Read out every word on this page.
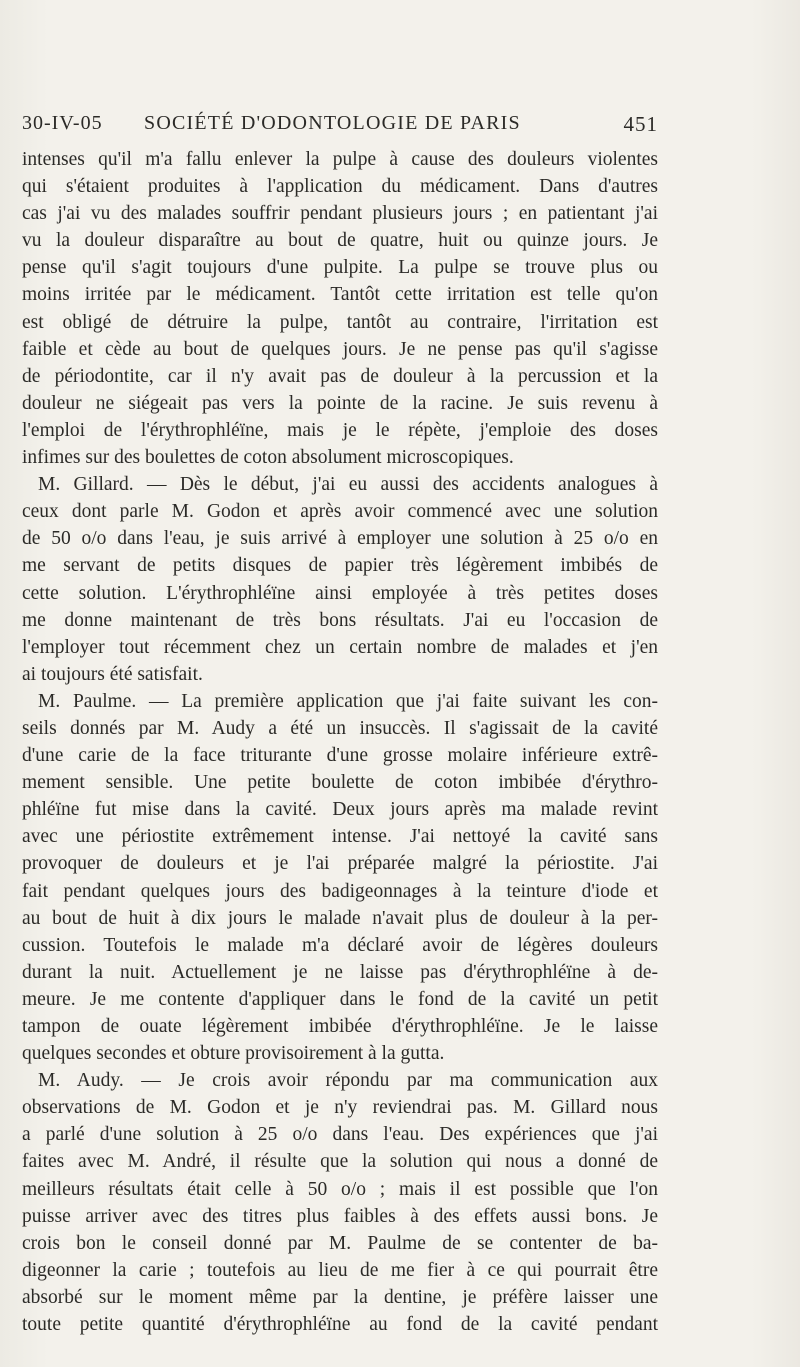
30-IV-05 SOCIÉTÉ D'ODONTOLOGIE DE PARIS	451
intenses qu'il m'a fallu enlever la pulpe à cause des douleurs violentes
qui s'étaient produites à l'application du médicament. Dans d'autres
cas j'ai vu des malades souffrir pendant plusieurs jours ; en patientant j'ai
vu la douleur disparaître au bout de quatre, huit ou quinze jours. Je
pense qu'il s'agit toujours d'une pulpite. La pulpe se trouve plus ou
moins irritée par le médicament. Tantôt cette irritation est telle qu'on
est obligé de détruire la pulpe, tantôt au contraire, l'irritation est
faible et cède au bout de quelques jours. Je ne pense pas qu'il s'agisse
de périodontite, car il n'y avait pas de douleur à la percussion et la
douleur ne siégeait pas vers la pointe de la racine. Je suis revenu à
l'emploi de l'érythrophléïne, mais je le répète, j'emploie des doses
infimes sur des boulettes de coton absolument microscopiques.
M. Gillard. — Dès le début, j'ai eu aussi des accidents analogues à
ceux dont parle M. Godon et après avoir commencé avec une solution
de 50 o/o dans l'eau, je suis arrivé à employer une solution à 25 o/o en
me servant de petits disques de papier très légèrement imbibés de
cette solution. L'érythrophléïne ainsi employée à très petites doses
me donne maintenant de très bons résultats. J'ai eu l'occasion de
l'employer tout récemment chez un certain nombre de malades et j'en
ai toujours été satisfait.
M. Paulme. — La première application que j'ai faite suivant les con-
seils donnés par M. Audy a été un insuccès. Il s'agissait de la cavité
d'une carie de la face triturante d'une grosse molaire inférieure extrê-
mement sensible. Une petite boulette de coton imbibée d'érythro-
phléïne fut mise dans la cavité. Deux jours après ma malade revint
avec une périostite extrêmement intense. J'ai nettoyé la cavité sans
provoquer de douleurs et je l'ai préparée malgré la périostite. J'ai
fait pendant quelques jours des badigeonnages à la teinture d'iode et
au bout de huit à dix jours le malade n'avait plus de douleur à la per-
cussion. Toutefois le malade m'a déclaré avoir de légères douleurs
durant la nuit. Actuellement je ne laisse pas d'érythrophléïne à de-
meure. Je me contente d'appliquer dans le fond de la cavité un petit
tampon de ouate légèrement imbibée d'érythrophléïne. Je le laisse
quelques secondes et obture provisoirement à la gutta.
M. Audy. — Je crois avoir répondu par ma communication aux
observations de M. Godon et je n'y reviendrai pas. M. Gillard nous
a parlé d'une solution à 25 o/o dans l'eau. Des expériences que j'ai
faites avec M. André, il résulte que la solution qui nous a donné de
meilleurs résultats était celle à 50 o/o ; mais il est possible que l'on
puisse arriver avec des titres plus faibles à des effets aussi bons. Je
crois bon le conseil donné par M. Paulme de se contenter de ba-
digeonner la carie ; toutefois au lieu de me fier à ce qui pourrait être
absorbé sur le moment même par la dentine, je préfère laisser une
toute petite quantité d'érythrophléïne au fond de la cavité pendant
